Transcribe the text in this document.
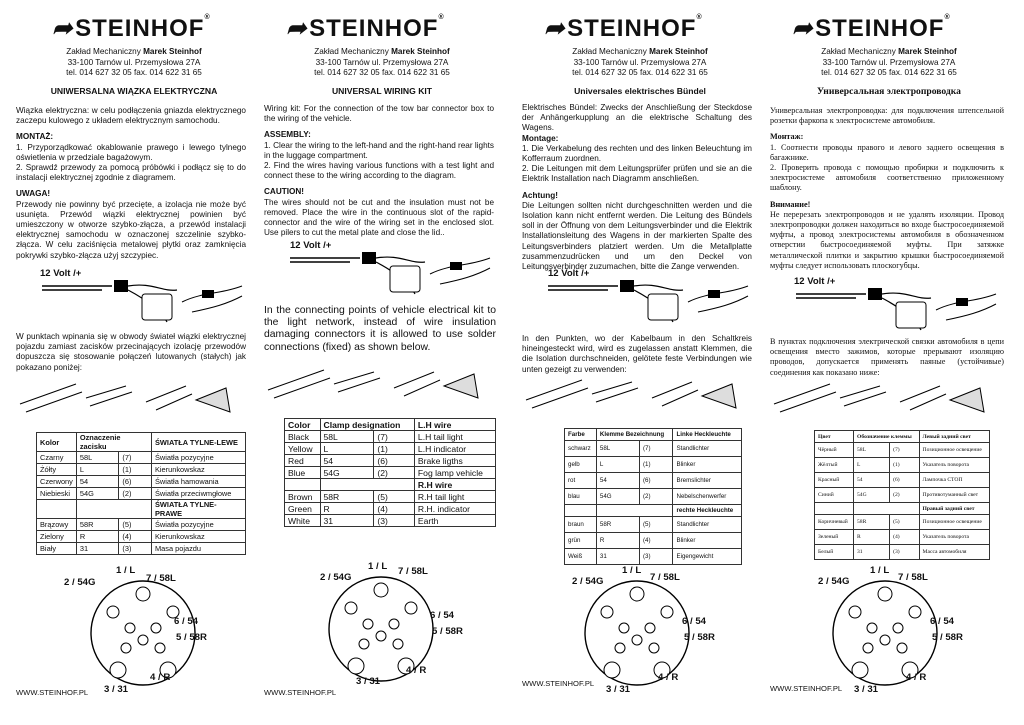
➦STEINHOF®
Zakład Mechaniczny Marek Steinhof
33-100 Tarnów ul. Przemysłowa 27A
tel. 014 627 32 05 fax. 014 622 31 65
UNIWERSALNA WIĄZKA ELEKTRYCZNA

Wiązka elektryczna: w celu podłączenia gniazda elektrycznego zaczepu kulowego z układem elektrycznym samochodu.

MONTAŻ:

1. Przyporządkować okablowanie prawego i lewego tylnego oświetlenia w przedziale bagażowym.

2. Sprawdź przewody za pomocą próbówki i podłącz się to do instalacji elektrycznej zgodnie z diagramem.

UWAGA!

Przewody nie powinny być przecięte, a izolacja nie może być usunięta. Przewód wiązki elektrycznej powinien być umieszczony w otworze szybko-złącza, a przewód instalacji elektrycznej samochodu w oznaczonej szczelinie szybko-złącza. W celu zaciśnięcia metalowej płytki oraz zamknięcia pokrywki szybko-złącza użyj szczypiec.

12 Volt /+
W punktach wpinania się w obwody świateł wiązki elektrycznej pojazdu zamiast zacisków przecinających izolację przewodów dopuszcza się stosowanie połączeń lutowanych (stałych) jak pokazano poniżej:
Kolor	Oznaczenie zacisku		ŚWIATŁA TYLNE-LEWE
Czarny	58L	(7)	Światła pozycyjne
Żółty	L	(1)	Kierunkowskaz
Czerwony	54	(6)	Światła hamowania
Niebieski	54G	(2)	Światła przeciwmgłowe
			ŚWIATŁA TYLNE-PRAWE
Brązowy	58R	(5)	Światła pozycyjne
Zielony	R	(4)	Kierunkowskaz
Biały	31	(3)	Masa pojazdu
1 / L
2 / 54G	7 / 58L
6 / 54
5 / 58R
4 / R
3 / 31
WWW.STEINHOF.PL
➦STEINHOF®
Zakład Mechaniczny Marek Steinhof
33-100 Tarnów ul. Przemysłowa 27A
tel. 014 627 32 05 fax. 014 622 31 65
UNIVERSAL WIRING KIT

Wiring kit: For the connection of the tow bar connector box to the wiring of the vehicle.

ASSEMBLY:

1. Clear the wiring to the left-hand and the right-hand rear lights in the luggage compartment.

2. Find the wires having various functions with a test light and connect these to the wiring according to the diagram.

CAUTION!

The wires should not be cut and the insulation must not be removed. Place the wire in the continuous slot of the rapid-connector and the wire of the wiring set in the enclosed slot. Use pilers to cut the metal plate and close the lid..

12 Volt /+
In the connecting points of vehicle electrical kit to the light network, instead of wire insulation damaging connectors it is allowed to use solder connections (fixed) as shown below.
Color	Clamp designation		L.H wire
Black	58L	(7)	L.H tail light
Yellow	L	(1)	L.H indicator
Red	54	(6)	Brake ligths
Blue	54G	(2)	Fog lamp vehicle
			R.H wire
Brown	58R	(5)	R.H tail light
Green	R	(4)	R.H. indicator
White	31	(3)	Earth
1 / L
2 / 54G
7 / 58L
6 / 54
5 / 58R
4 / R
3 / 31
WWW.STEINHOF.PL
➦STEINHOF®
Zakład Mechaniczny Marek Steinhof
33-100 Tarnów ul. Przemysłowa 27A
tel. 014 627 32 05 fax. 014 622 31 65
Universales elektrisches Bündel

Elektrisches Bündel: Zwecks der Anschließung der Steckdose der Anhängerkupplung an die elektrische Schaltung des Wagens.

Montage:

1. Die Verkabelung des rechten und des linken Beleuchtung im Kofferraum zuordnen.

2. Die Leitungen mit dem Leitungsprüfer prüfen und sie an die Elektrik Installation nach Diagramm anschließen.

Achtung!

Die Leitungen sollten nicht durchgeschnitten werden und die Isolation kann nicht entfernt werden. Die Leitung des Bündels soll in der Öffnung von dem Leitungsverbinder und die Elektrik Installationsleitung des Wagens in der markierten Spalte des Leitungsverbinders platziert werden. Um die Metallplatte zusammenzudrücken und um den Deckel von Leitungsverbinder zuzumachen, bitte die Zange verwenden.

12 Volt /+
In den Punkten, wo der Kabelbaum in den Schaltkreis hineingesteckt wird, wird es zugelassen anstatt Klemmen, die die Isolation durchschneiden, gelötete feste Verbindungen wie unten gezeigt zu verwenden:
Farbe	Klemme Bezeichnung		Linke Heckleuchte
schwarz	58L	(7)	Standlichter
gelb	L	(1)	Blinker
rot	54	(6)	Bremslichter
blau	54G	(2)	Nebelschenwerfer
			rechte Heckleuchte
braun	58R	(5)	Standlichter
grün	R	(4)	Blinker
Weiß	31	(3)	Eigengewicht
1 / L
2 / 54G	7 / 58L
6 / 54
5 / 58R
4 / R
3 / 31
WWW.STEINHOF.PL
➦STEINHOF®
Zakład Mechaniczny Marek Steinhof
33-100 Tarnów ul. Przemysłowa 27A
tel. 014 627 32 05 fax. 014 622 31 65
Универсальная электропроводка

Универсальная электропроводка: для подключения штепсельной розетки фаркопа к электросистеме автомобиля.

Монтаж:

1. Соотнести проводы правого и левого заднего освещения в багажнике.

2. Проверить провода с помощью пробирки и подключить к электросистеме автомобиля соответственно приложенному шаблону.

Внимание!

Не перерезать электропроводов и не удалять изоляции. Провод электропроводки должен находиться во входе быстросоединяемой муфты, а провод электросистемы автомобиля в обозначенном отверстии быстросоединяемой муфты. При затяжке металлической плитки и закрытию крышки быстросоединяемой муфты следует использовать плоскогубцы.

12 Volt /+
В пунктах подключения электрической связки автомобиля в цепи освещения вместо зажимов, которые прерывают изоляцию проводов, допускается применять паяные (устойчивые) соединения как показано ниже:
Цвет	Обозначение клеммы		Левый задний свет
Чёрный	58L	(7)	Позиционное освещение
Жёлтый	L	(1)	Указатель поворота
Красный	54	(6)	Лампочка СТОП
Синий	54G	(2)	Противотуманный свет
			Правый задний свет
Коричневый	58R	(5)	Позиционное освещение
Зеленый	R	(4)	Указатель поворота
Белый	31	(3)	Масса автомобиля
1 / L
2 / 54G	7 / 58L
6 / 54
5 / 58R
4 / R
3 / 31
WWW.STEINHOF.PL
